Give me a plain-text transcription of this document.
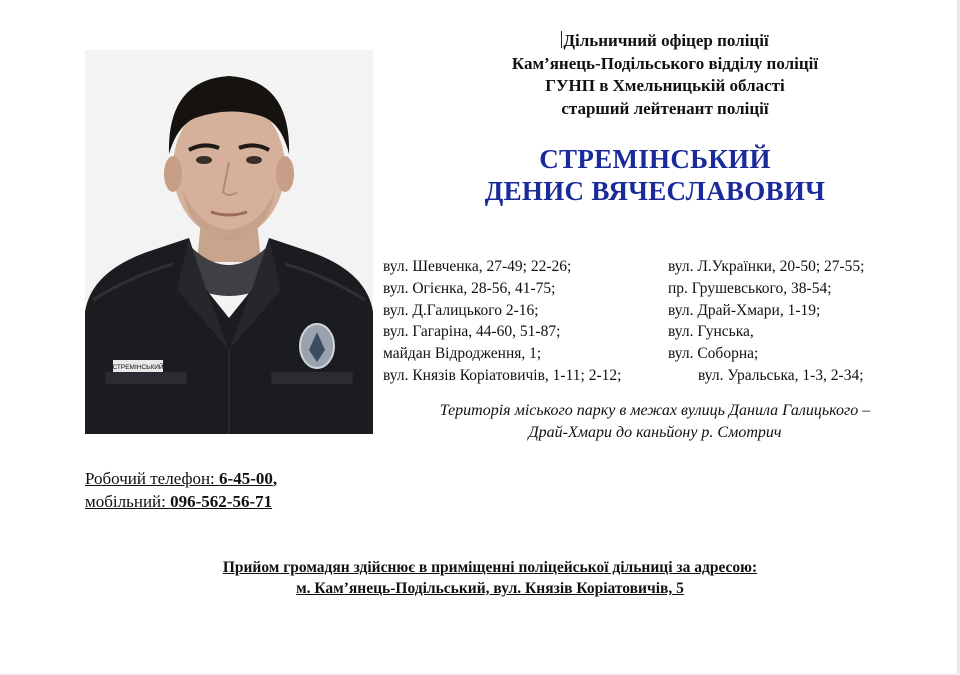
СТРЕМІНСЬКИЙ
Дільничний офіцер поліції
Кам’янець-Подільського відділу поліції
ГУНП в Хмельницькій області
старший лейтенант поліції
СТРЕМІНСЬКИЙ
ДЕНИС ВЯЧЕСЛАВОВИЧ
вул. Шевченка, 27-49; 22-26;	вул. Л.Українки, 20-50; 27-55;
вул. Огієнка, 28-56, 41-75;	пр. Грушевського, 38-54;
вул. Д.Галицького 2-16;	вул. Драй-Хмари, 1-19;
вул. Гагаріна, 44-60, 51-87;	вул. Гунська,
майдан Відродження, 1;	вул. Соборна;
вул. Князів Коріатовичів, 1-11; 2-12;	вул. Уральська, 1-3, 2-34;
Територія міського парку в межах вулиць Данила Галицького –
Драй-Хмари до каньйону р. Смотрич
Робочий телефон: 6-45-00,
мобільний: 096-562-56-71
Прийом громадян здійснює в приміщенні поліцейської дільниці за адресою:
м. Кам’янець-Подільський, вул. Князів Коріатовичів, 5
